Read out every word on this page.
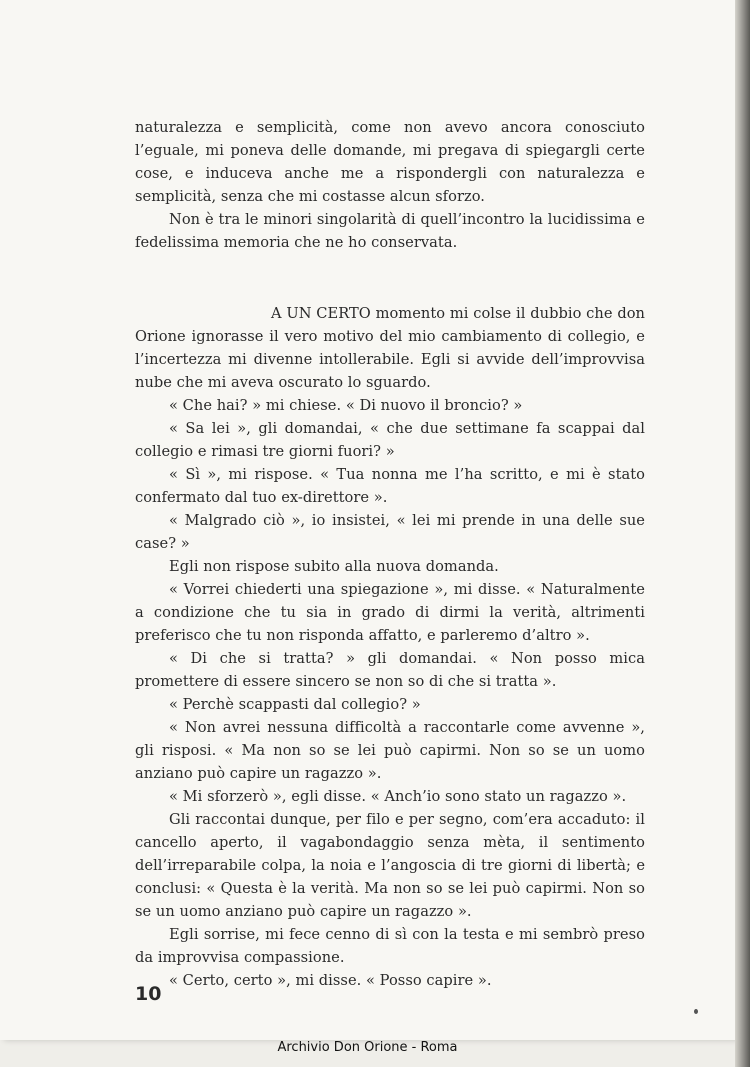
naturalezza e semplicità, come non avevo ancora conosciuto l’eguale, mi poneva delle domande, mi pregava di spiegargli certe cose, e induceva anche me a rispondergli con naturalezza e semplicità, senza che mi costasse alcun sforzo.

Non è tra le minori singolarità di quell’incontro la lucidissima e fedelissima memoria che ne ho conservata.

A UN CERTO momento mi colse il dubbio che don Orione ignorasse il vero motivo del mio cambiamento di collegio, e l’incertezza mi divenne intollerabile. Egli si avvide dell’improvvisa nube che mi aveva oscurato lo sguardo.

« Che hai? » mi chiese. « Di nuovo il broncio? »

« Sa lei », gli domandai, « che due settimane fa scappai dal collegio e rimasi tre giorni fuori? »

« Sì », mi rispose. « Tua nonna me l’ha scritto, e mi è stato confermato dal tuo ex-direttore ».

« Malgrado ciò », io insistei, « lei mi prende in una delle sue case? »

Egli non rispose subito alla nuova domanda.

« Vorrei chiederti una spiegazione », mi disse. « Naturalmente a condizione che tu sia in grado di dirmi la verità, altrimenti preferisco che tu non risponda affatto, e parleremo d’altro ».

« Di che si tratta? » gli domandai. « Non posso mica promettere di essere sincero se non so di che si tratta ».

« Perchè scappasti dal collegio? »

« Non avrei nessuna difficoltà a raccontarle come avvenne », gli risposi. « Ma non so se lei può capirmi. Non so se un uomo anziano può capire un ragazzo ».

« Mi sforzerò », egli disse. « Anch’io sono stato un ragazzo ».

Gli raccontai dunque, per filo e per segno, com’era accaduto: il cancello aperto, il vagabondaggio senza mèta, il sentimento dell’irreparabile colpa, la noia e l’angoscia di tre giorni di libertà; e conclusi: « Questa è la verità. Ma non so se lei può capirmi. Non so se un uomo anziano può capire un ragazzo ».

Egli sorrise, mi fece cenno di sì con la testa e mi sembrò preso da improvvisa compassione.

« Certo, certo », mi disse. « Posso capire ».

10
Archivio Don Orione - Roma
